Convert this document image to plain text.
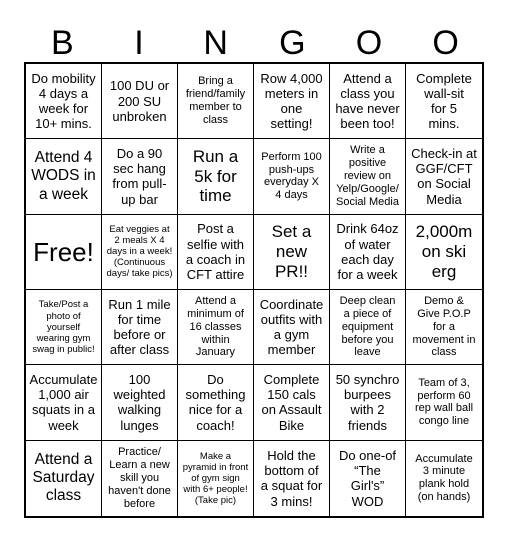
B	I	N	G	O	O
Do mobility
4 days a
week for
10+ mins.
100 DU or
200 SU
unbroken
Bring a
friend/family
member to
class
Row 4,000
meters in
one
setting!
Attend a
class you
have never
been too!
Complete
wall-sit
for 5
mins.
Attend 4
WODS in
a week
Do a 90
sec hang
from pull-
up bar
Run a
5k for
time
Perform 100
push-ups
everyday X
4 days
Write a
positive
review on
Yelp/Google/
Social Media
Check-in at
GGF/CFT
on Social
Media
Free!
Eat veggies at
2 meals X 4
days in a week!
(Continuous
days/ take pics)
Post a
selfie with
a coach in
CFT attire
Set a
new
PR!!
Drink 64oz
of water
each day
for a week
2,000m
on ski
erg
Take/Post a
photo of
yourself
wearing gym
swag in public!
Run 1 mile
for time
before or
after class
Attend a
minimum of
16 classes
within
January
Coordinate
outfits with
a gym
member
Deep clean
a piece of
equipment
before you
leave
Demo &
Give P.O.P
for a
movement in
class
Accumulate
1,000 air
squats in a
week
100
weighted
walking
lunges
Do
something
nice for a
coach!
Complete
150 cals
on Assault
Bike
50 synchro
burpees
with 2
friends
Team of 3,
perform 60
rep wall ball
congo line
Attend a
Saturday
class
Practice/
Learn a new
skill you
haven't done
before
Make a
pyramid in front
of gym sign
with 6+ people!
(Take pic)
Hold the
bottom of
a squat for
3 mins!
Do one-of
“The
Girl's”
WOD
Accumulate
3 minute
plank hold
(on hands)
